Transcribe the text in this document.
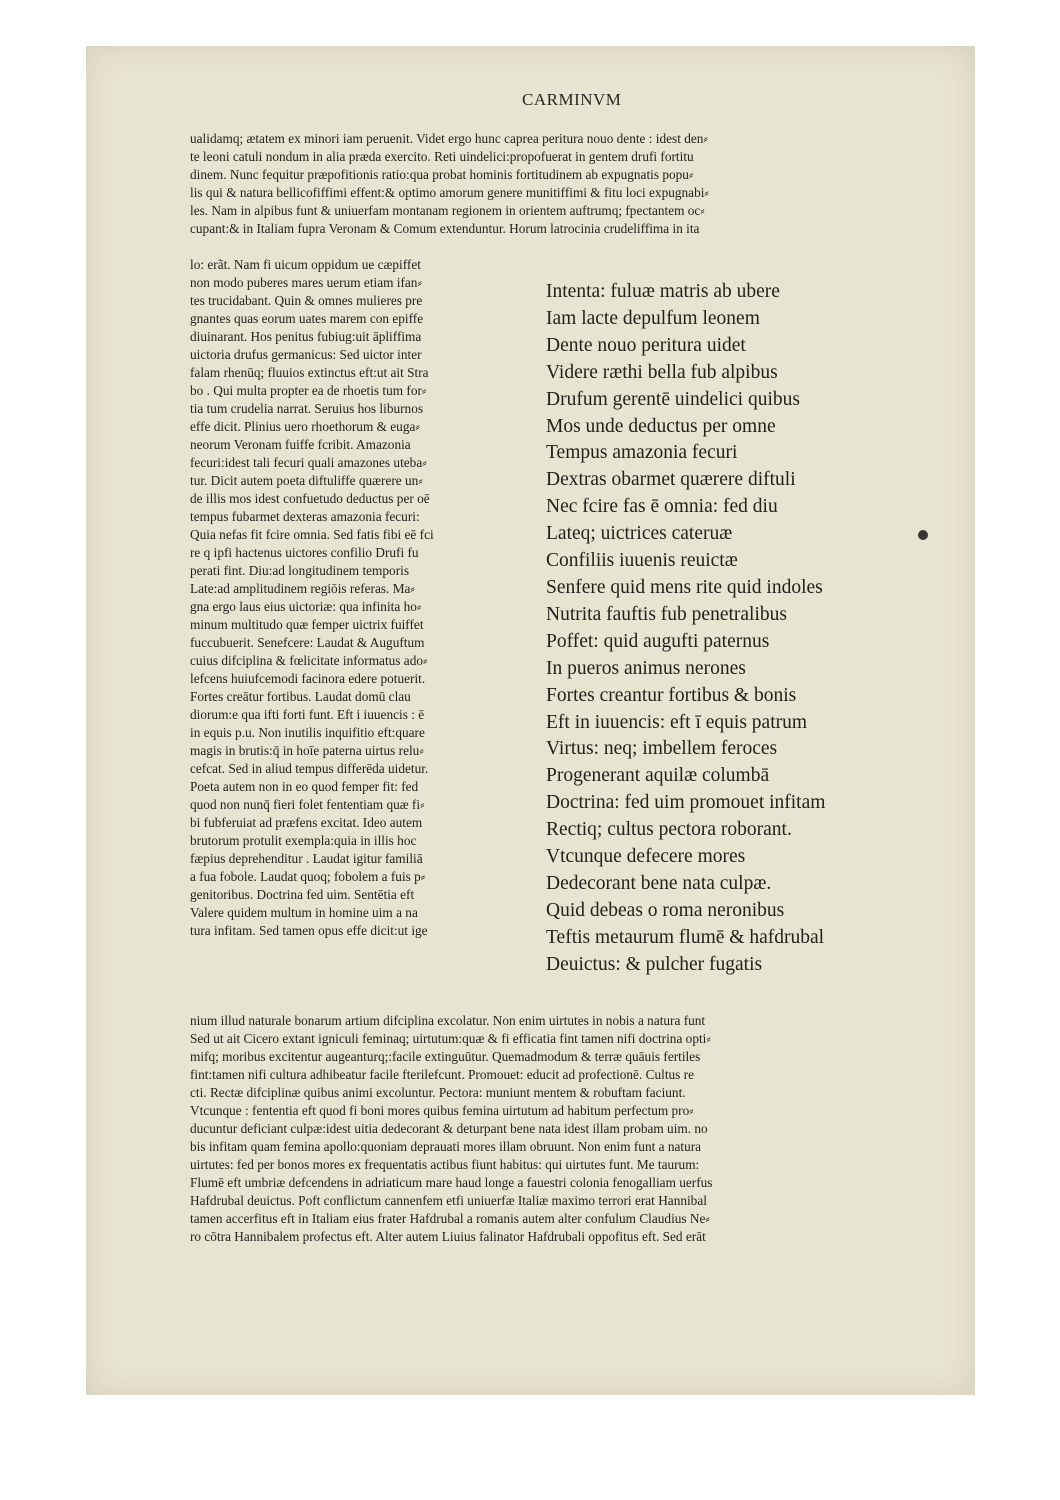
CARMINVM
ualidamq; ætatem ex minori iam peruenit. Videt ergo hunc caprea peritura nouo dente : idest den⸗
te leoni catuli nondum in alia præda exercito. Reti uindelici:propofuerat in gentem drufi fortitu
dinem. Nunc fequitur præpofitionis ratio:qua probat hominis fortitudinem ab expugnatis popu⸗
lis qui & natura bellicofiffimi effent:& optimo amorum genere munitiffimi & fitu loci expugnabi⸗
les. Nam in alpibus funt & uniuerfam montanam regionem in orientem auftrumq; fpectantem oc⸗
cupant:& in Italiam fupra Veronam & Comum extenduntur. Horum latrocinia crudeliffima in ita
lo: erãt. Nam fi uicum oppidum ue cæpiffet
non modo puberes mares uerum etiam ifan⸗
tes trucidabant. Quin & omnes mulieres pre
gnantes quas eorum uates marem con epiffe
diuinarant. Hos penitus fubiug:uit āpliffima
uictoria drufus germanicus: Sed uictor inter
falam rhenūq; fluuios extinctus eft:ut ait Stra
bo . Qui multa propter ea de rhoetis tum for⸗
tia tum crudelia narrat. Seruius hos liburnos
effe dicit. Plinius uero rhoethorum & euga⸗
neorum Veronam fuiffe fcribit. Amazonia
fecuri:idest tali fecuri quali amazones uteba⸗
tur. Dicit autem poeta diftuliffe quærere un⸗
de illis mos idest confuetudo deductus per oē
tempus fubarmet dexteras amazonia fecuri:
Quia nefas fit fcire omnia. Sed fatis fibi eē fci
re q ipfi hactenus uictores confilio Drufi fu
perati fint. Diu:ad longitudinem temporis
Late:ad amplitudinem regiōis referas. Ma⸗
gna ergo laus eius uictoriæ: qua infinita ho⸗
minum multitudo quæ femper uictrix fuiffet
fuccubuerit. Senefcere: Laudat & Auguftum
cuius difciplina & fœlicitate informatus ado⸗
lefcens huiufcemodi facinora edere potuerit.
Fortes creātur fortibus. Laudat domū clau
diorum:e qua ifti forti funt. Eft i iuuencis : ē
in equis p.u. Non inutilis inquifitio eft:quare
magis in brutis:q̄ in hoīe paterna uirtus relu⸗
cefcat. Sed in aliud tempus differēda uidetur.
Poeta autem non in eo quod femper fit: fed
quod non nunq̄ fieri folet fententiam quæ fi⸗
bi fubferuiat ad præfens excitat. Ideo autem
brutorum protulit exempla:quia in illis hoc
fæpius deprehenditur . Laudat igitur familiā
a fua fobole. Laudat quoq; fobolem a fuis p⸗
genitoribus. Doctrina fed uim. Sentētia eft
Valere quidem multum in homine uim a na
tura infitam. Sed tamen opus effe dicit:ut ige
Intenta: fuluæ matris ab ubere
Iam lacte depulfum leonem
Dente nouo peritura uidet
Videre ræthi bella fub alpibus
Drufum gerentē uindelici quibus
Mos unde deductus per omne
Tempus amazonia fecuri
Dextras obarmet quærere diftuli
Nec fcire fas ē omnia: fed diu
Lateq; uictrices cateruæ
Confiliis iuuenis reuictæ
Senfere quid mens rite quid indoles
Nutrita fauftis fub penetralibus
Poffet: quid augufti paternus
In pueros animus nerones
Fortes creantur fortibus & bonis
Eft in iuuencis: eft ī equis patrum
Virtus: neq; imbellem feroces
Progenerant aquilæ columbā
Doctrina: fed uim promouet infitam
Rectiq; cultus pectora roborant.
Vtcunque defecere mores
Dedecorant bene nata culpæ.
Quid debeas o roma neronibus
Teftis metaurum flumē & hafdrubal
Deuictus: & pulcher fugatis
nium illud naturale bonarum artium difciplina excolatur. Non enim uirtutes in nobis a natura funt
Sed ut ait Cicero extant igniculi feminaq; uirtutum:quæ & fi efficatia fint tamen nifi doctrina opti⸗
mifq; moribus excitentur augeanturq;:facile extinguūtur. Quemadmodum & terræ quāuis fertiles
fint:tamen nifi cultura adhibeatur facile fterilefcunt. Promouet: educit ad profectionē. Cultus re
cti. Rectæ difciplinæ quibus animi excoluntur. Pectora: muniunt mentem & robuftam faciunt.
Vtcunque : fententia eft quod fi boni mores quibus femina uirtutum ad habitum perfectum pro⸗
ducuntur deficiant culpæ:idest uitia dedecorant & deturpant bene nata idest illam probam uim. no
bis infitam quam femina apollo:quoniam deprauati mores illam obruunt. Non enim funt a natura
uirtutes: fed per bonos mores ex frequentatis actibus fiunt habitus: qui uirtutes funt. Me taurum:
Flumē eft umbriæ defcendens in adriaticum mare haud longe a fauestri colonia fenogalliam uerfus
Hafdrubal deuictus. Poft conflictum cannenfem etfi uniuerfæ Italiæ maximo terrori erat Hannibal
tamen accerfitus eft in Italiam eius frater Hafdrubal a romanis autem alter confulum Claudius Ne⸗
ro cōtra Hannibalem profectus eft. Alter autem Liuius falinator Hafdrubali oppofitus eft. Sed erāt
